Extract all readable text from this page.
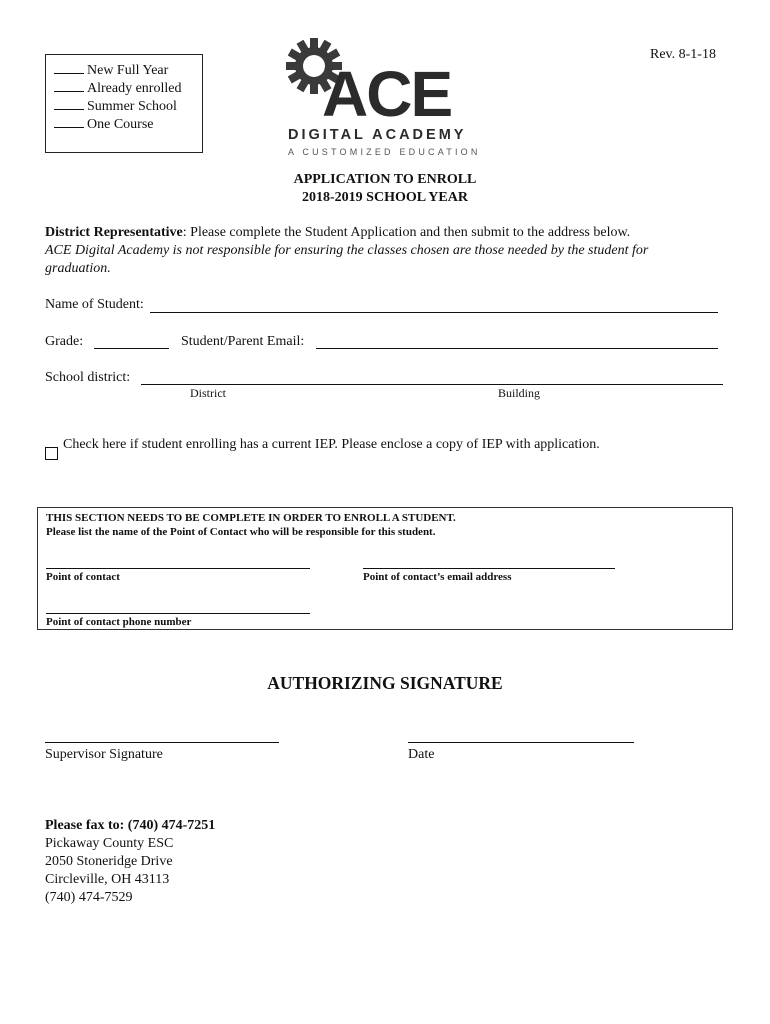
Rev. 8-1-18
New Full Year
Already enrolled
Summer School
One Course	ACE
DIGITAL ACADEMY
A CUSTOMIZED EDUCATION
APPLICATION TO ENROLL
2018-2019 SCHOOL YEAR
District Representative: Please complete the Student Application and then submit to the address below.
ACE Digital Academy is not responsible for ensuring the classes chosen are those needed by the student for
graduation.
Name of Student:
Grade:	Student/Parent Email:
School district:
District	Building
Check here if student enrolling has a current IEP. Please enclose a copy of IEP with application.
THIS SECTION NEEDS TO BE COMPLETE IN ORDER TO ENROLL A STUDENT.
Please list the name of the Point of Contact who will be responsible for this student.
Point of contact	Point of contact’s email address
Point of contact phone number
AUTHORIZING SIGNATURE
Supervisor Signature	Date
Please fax to: (740) 474-7251
Pickaway County ESC
2050 Stoneridge Drive
Circleville, OH 43113
(740) 474-7529
